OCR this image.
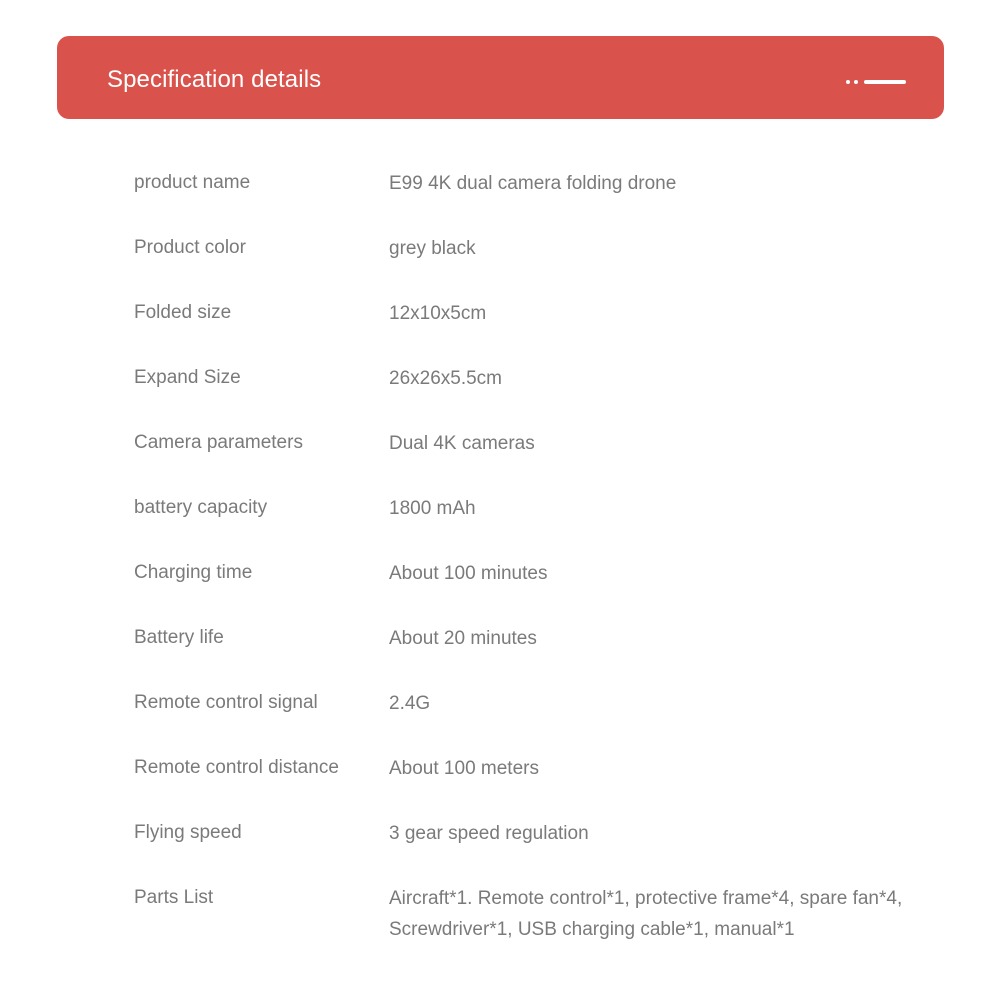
Specification details
product name	E99 4K dual camera folding drone
Product color	grey black
Folded size	12x10x5cm
Expand Size	26x26x5.5cm
Camera parameters	Dual 4K cameras
battery capacity	1800 mAh
Charging time	About 100 minutes
Battery life	About 20 minutes
Remote control signal	2.4G
Remote control distance	About 100 meters
Flying speed	3 gear speed regulation
Parts List	Aircraft*1. Remote control*1, protective frame*4, spare fan*4, Screwdriver*1, USB charging cable*1, manual*1
